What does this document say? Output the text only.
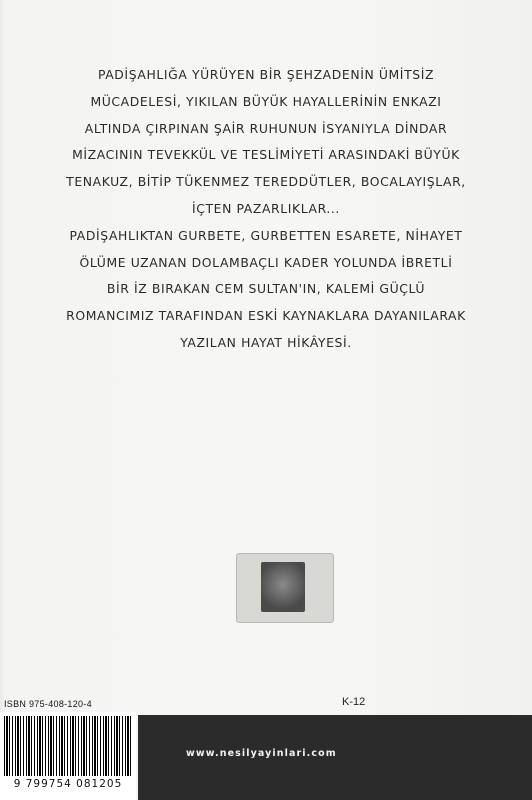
PADİŞAHLIĞA YÜRÜYEN BİR ŞEHZADENİN ÜMİTSİZ
MÜCADELESİ, YIKILAN BÜYÜK HAYALLERİNİN ENKAZI
ALTINDA ÇIRPINAN ŞAİR RUHUNUN İSYANIYLA DİNDAR
MİZACININ TEVEKKÜL VE TESLİMİYETİ ARASINDAKİ BÜYÜK
TENAKUZ, BİTİP TÜKENMEZ TEREDDÜTLER, BOCALAYIŞLAR,
İÇTEN PAZARLIKLAR...
PADİŞAHLIKTAN GURBETE, GURBETTEN ESARETE, NİHAYET
ÖLÜME UZANAN DOLAMBAÇLI KADER YOLUNDA İBRETLİ
BİR İZ BIRAKAN CEM SULTAN'IN, KALEMİ GÜÇLÜ
ROMANCIMIZ TARAFINDAN ESKİ KAYNAKLARA DAYANILARAK
YAZILAN HAYAT HİKÂYESİ.
K-12
ISBN 975-408-120-4
9 799754 081205
www.nesilyayinlari.com
